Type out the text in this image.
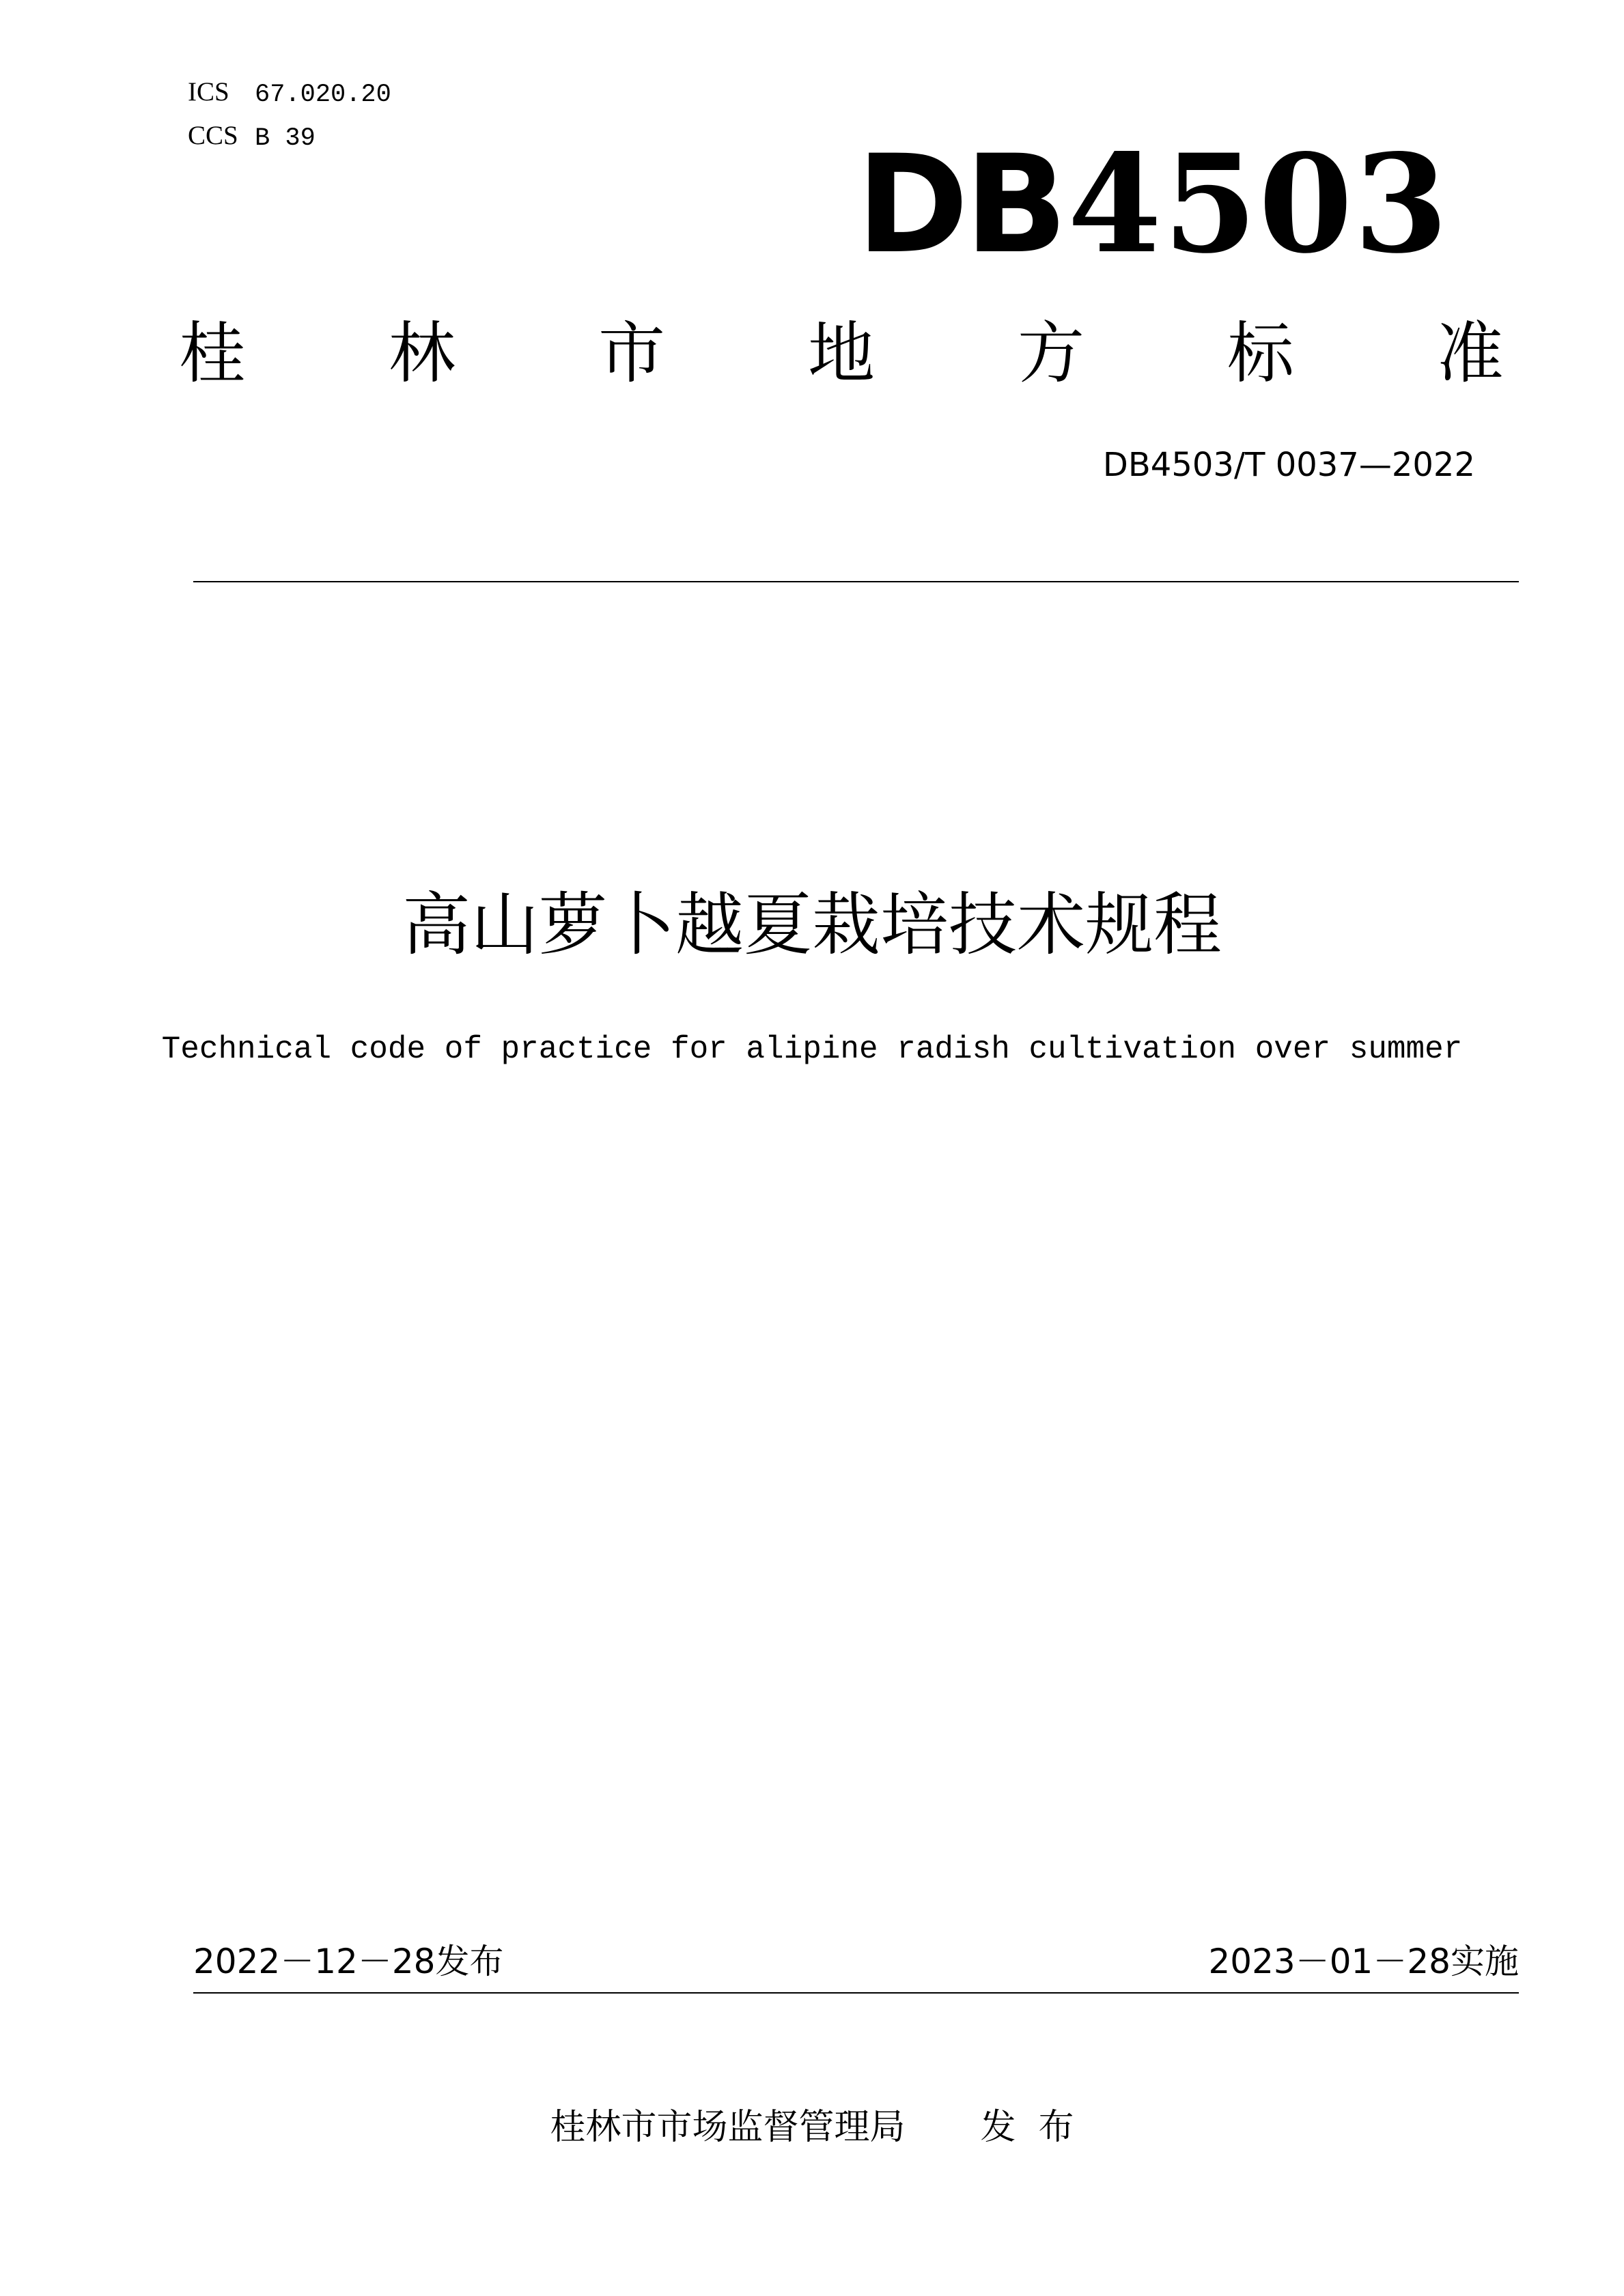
ICS 67.020.20
CCS B 39	DB4503
桂 林 市 地 方 标 准
DB4503/T 0037—2022
高山萝卜越夏栽培技术规程
Technical code of practice for alipine radish cultivation over summer
2022－12－28发布	2023－01－28实施
桂林市市场监督管理局 发  布
